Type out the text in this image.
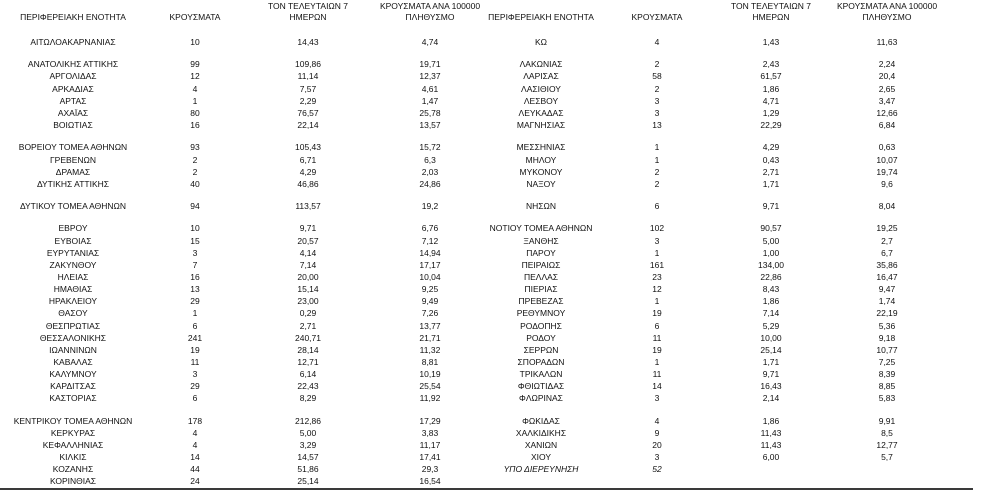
ΠΕΡΙΦΕΡΕΙΑΚΗ ΕΝΟΤΗΤΑ	ΚΡΟΥΣΜΑΤΑ
ΤΟΝ ΤΕΛΕΥΤΑΙΩΝ 7
ΗΜΕΡΩΝ
ΚΡΟΥΣΜΑΤΑ ΑΝΑ 100000
ΠΛΗΘΥΣΜΟ
ΑΙΤΩΛΟΑΚΑΡΝΑΝΙΑΣ	10	14,43	4,74
ΑΝΑΤΟΛΙΚΗΣ ΑΤΤΙΚΗΣ	99	109,86	19,71
ΑΡΓΟΛΙΔΑΣ	12	11,14	12,37
ΑΡΚΑΔΙΑΣ	4	7,57	4,61
ΑΡΤΑΣ	1	2,29	1,47
ΑΧΑΪΑΣ	80	76,57	25,78
ΒΟΙΩΤΙΑΣ	16	22,14	13,57
ΒΟΡΕΙΟΥ ΤΟΜΕΑ ΑΘΗΝΩΝ	93	105,43	15,72
ΓΡΕΒΕΝΩΝ	2	6,71	6,3
ΔΡΑΜΑΣ	2	4,29	2,03
ΔΥΤΙΚΗΣ ΑΤΤΙΚΗΣ	40	46,86	24,86
ΔΥΤΙΚΟΥ ΤΟΜΕΑ ΑΘΗΝΩΝ	94	113,57	19,2
ΕΒΡΟΥ	10	9,71	6,76
ΕΥΒΟΙΑΣ	15	20,57	7,12
ΕΥΡΥΤΑΝΙΑΣ	3	4,14	14,94
ΖΑΚΥΝΘΟΥ	7	7,14	17,17
ΗΛΕΙΑΣ	16	20,00	10,04
ΗΜΑΘΙΑΣ	13	15,14	9,25
ΗΡΑΚΛΕΙΟΥ	29	23,00	9,49
ΘΑΣΟΥ	1	0,29	7,26
ΘΕΣΠΡΩΤΙΑΣ	6	2,71	13,77
ΘΕΣΣΑΛΟΝΙΚΗΣ	241	240,71	21,71
ΙΩΑΝΝΙΝΩΝ	19	28,14	11,32
ΚΑΒΑΛΑΣ	11	12,71	8,81
ΚΑΛΥΜΝΟΥ	3	6,14	10,19
ΚΑΡΔΙΤΣΑΣ	29	22,43	25,54
ΚΑΣΤΟΡΙΑΣ	6	8,29	11,92
ΚΕΝΤΡΙΚΟΥ ΤΟΜΕΑ ΑΘΗΝΩΝ	178	212,86	17,29
ΚΕΡΚΥΡΑΣ	4	5,00	3,83
ΚΕΦΑΛΛΗΝΙΑΣ	4	3,29	11,17
ΚΙΛΚΙΣ	14	14,57	17,41
ΚΟΖΑΝΗΣ	44	51,86	29,3
ΚΟΡΙΝΘΙΑΣ	24	25,14	16,54
ΠΕΡΙΦΕΡΕΙΑΚΗ ΕΝΟΤΗΤΑ	ΚΡΟΥΣΜΑΤΑ
ΤΟΝ ΤΕΛΕΥΤΑΙΩΝ 7
ΗΜΕΡΩΝ
ΚΡΟΥΣΜΑΤΑ ΑΝΑ 100000
ΠΛΗΘΥΣΜΟ
ΚΩ	4	1,43	11,63
ΛΑΚΩΝΙΑΣ	2	2,43	2,24
ΛΑΡΙΣΑΣ	58	61,57	20,4
ΛΑΣΙΘΙΟΥ	2	1,86	2,65
ΛΕΣΒΟΥ	3	4,71	3,47
ΛΕΥΚΑΔΑΣ	3	1,29	12,66
ΜΑΓΝΗΣΙΑΣ	13	22,29	6,84
ΜΕΣΣΗΝΙΑΣ	1	4,29	0,63
ΜΗΛΟΥ	1	0,43	10,07
ΜΥΚΟΝΟΥ	2	2,71	19,74
ΝΑΞΟΥ	2	1,71	9,6
ΝΗΣΩΝ	6	9,71	8,04
ΝΟΤΙΟΥ ΤΟΜΕΑ ΑΘΗΝΩΝ	102	90,57	19,25
ΞΑΝΘΗΣ	3	5,00	2,7
ΠΑΡΟΥ	1	1,00	6,7
ΠΕΙΡΑΙΩΣ	161	134,00	35,86
ΠΕΛΛΑΣ	23	22,86	16,47
ΠΙΕΡΙΑΣ	12	8,43	9,47
ΠΡΕΒΕΖΑΣ	1	1,86	1,74
ΡΕΘΥΜΝΟΥ	19	7,14	22,19
ΡΟΔΟΠΗΣ	6	5,29	5,36
ΡΟΔΟΥ	11	10,00	9,18
ΣΕΡΡΩΝ	19	25,14	10,77
ΣΠΟΡΑΔΩΝ	1	1,71	7,25
ΤΡΙΚΑΛΩΝ	11	9,71	8,39
ΦΘΙΩΤΙΔΑΣ	14	16,43	8,85
ΦΛΩΡΙΝΑΣ	3	2,14	5,83
ΦΩΚΙΔΑΣ	4	1,86	9,91
ΧΑΛΚΙΔΙΚΗΣ	9	11,43	8,5
ΧΑΝΙΩΝ	20	11,43	12,77
ΧΙΟΥ	3	6,00	5,7
ΥΠΟ ΔΙΕΡΕΥΝΗΣΗ	52
